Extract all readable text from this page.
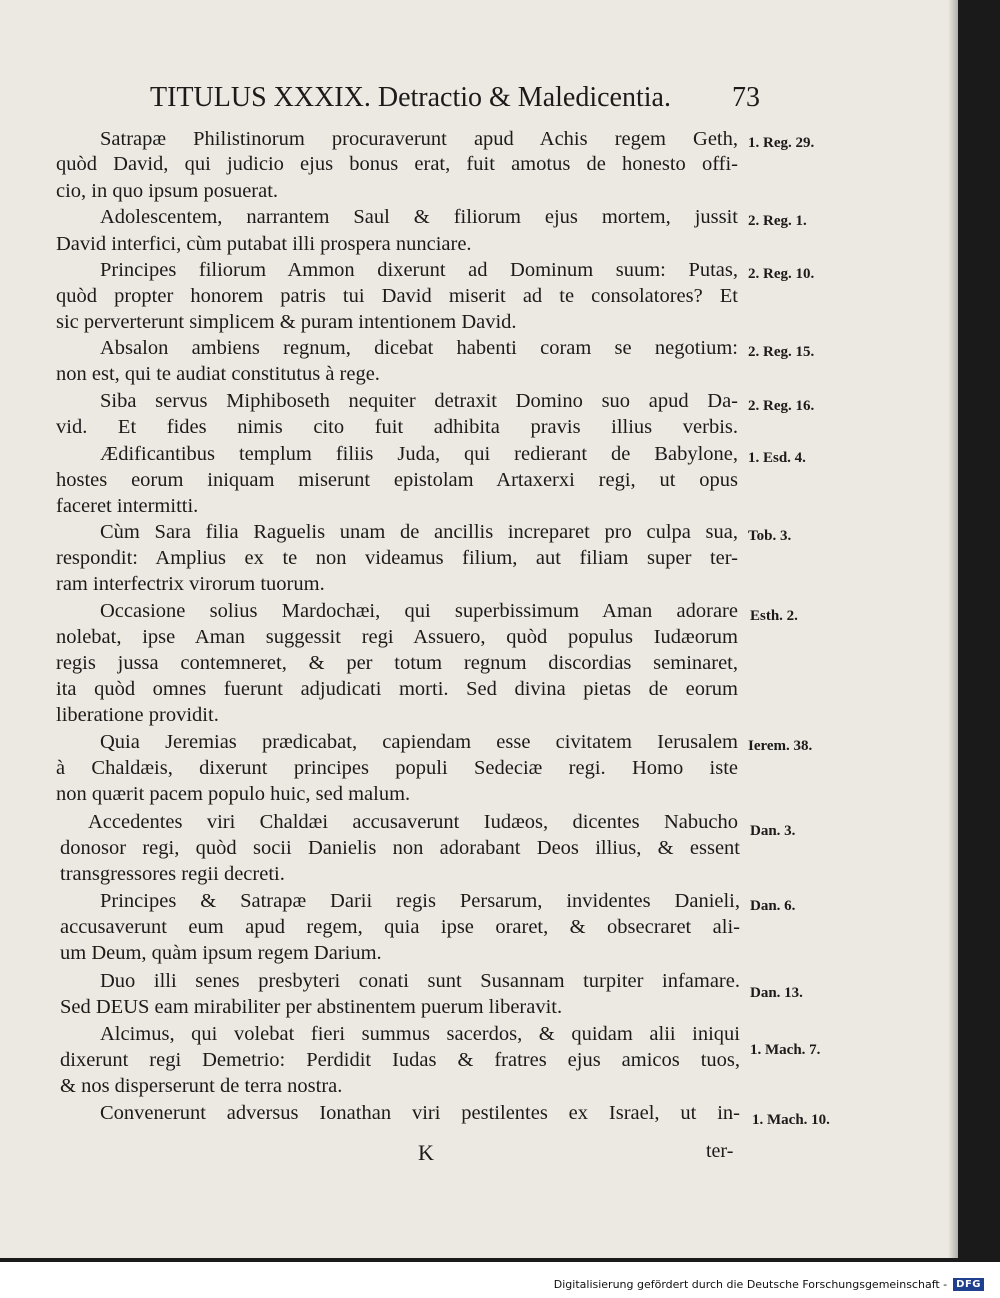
TITULUS XXXIX. Detractio & Maledicentia. 73
Satrapæ Philistinorum procuraverunt apud Achis regem Geth,
quòd David, qui judicio ejus bonus erat, fuit amotus de honesto offi-
cio, in quo ipsum posuerat.
Adolescentem, narrantem Saul & filiorum ejus mortem, jussit
David interfici, cùm putabat illi prospera nunciare.
Principes filiorum Ammon dixerunt ad Dominum suum: Putas,
quòd propter honorem patris tui David miserit ad te consolatores? Et
sic perverterunt simplicem & puram intentionem David.
Absalon ambiens regnum, dicebat habenti coram se negotium:
non est, qui te audiat constitutus à rege.
Siba servus Miphiboseth nequiter detraxit Domino suo apud Da-
vid. Et fides nimis cito fuit adhibita pravis illius verbis.
Ædificantibus templum filiis Juda, qui redierant de Babylone,
hostes eorum iniquam miserunt epistolam Artaxerxi regi, ut opus
faceret intermitti.
Cùm Sara filia Raguelis unam de ancillis increparet pro culpa sua,
respondit: Amplius ex te non videamus filium, aut filiam super ter-
ram interfectrix virorum tuorum.
Occasione solius Mardochæi, qui superbissimum Aman adorare
nolebat, ipse Aman suggessit regi Assuero, quòd populus Iudæorum
regis jussa contemneret, & per totum regnum discordias seminaret,
ita quòd omnes fuerunt adjudicati morti. Sed divina pietas de eorum
liberatione providit.
Quia Jeremias prædicabat, capiendam esse civitatem Ierusalem
à Chaldæis, dixerunt principes populi Sedeciæ regi. Homo iste
non quærit pacem populo huic, sed malum.
Accedentes viri Chaldæi accusaverunt Iudæos, dicentes Nabucho
donosor regi, quòd socii Danielis non adorabant Deos illius, & essent
transgressores regii decreti.
Principes & Satrapæ Darii regis Persarum, invidentes Danieli,
accusaverunt eum apud regem, quia ipse oraret, & obsecraret ali-
um Deum, quàm ipsum regem Darium.
Duo illi senes presbyteri conati sunt Susannam turpiter infamare.
Sed DEUS eam mirabiliter per abstinentem puerum liberavit.
Alcimus, qui volebat fieri summus sacerdos, & quidam alii iniqui
dixerunt regi Demetrio: Perdidit Iudas & fratres ejus amicos tuos,
& nos disperserunt de terra nostra.
Convenerunt adversus Ionathan viri pestilentes ex Israel, ut in-
1. Reg. 29.
2. Reg. 1.
2. Reg. 10.
2. Reg. 15.
2. Reg. 16.
1. Esd. 4.
Tob. 3.
Esth. 2.
Ierem. 38.
Dan. 3.
Dan. 6.
Dan. 13.
1. Mach. 7.
1. Mach. 10.
K	ter-
Digitalisierung gefördert durch die Deutsche Forschungsgemeinschaft - DFG
